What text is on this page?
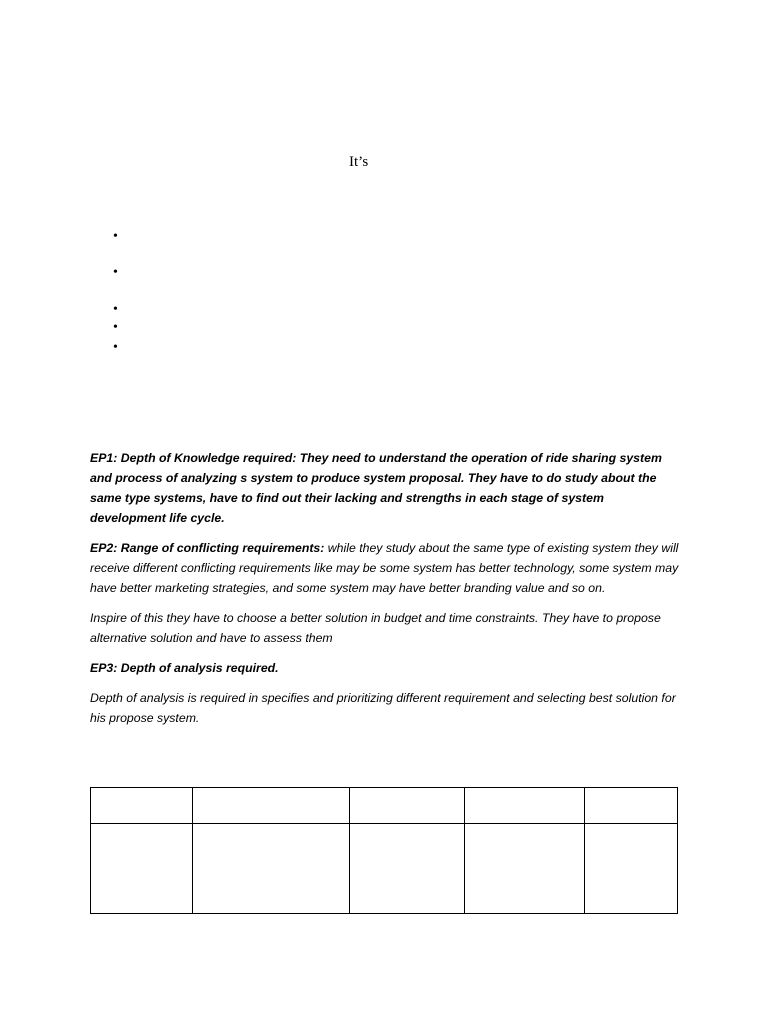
It’s
•
•
•
•
•

EP1: Depth of Knowledge required: They need to understand the operation of ride sharing system and process of analyzing s system to produce system proposal. They have to do study about the same type systems, have to find out their lacking and strengths in each stage of system development life cycle.

EP2: Range of conflicting requirements: while they study about the same type of existing system they will receive different conflicting requirements like may be some system has better technology, some system may have better marketing strategies, and some system may have better branding value and so on.

Inspire of this they have to choose a better solution in budget and time constraints. They have to propose alternative solution and have to assess them

EP3: Depth of analysis required.

Depth of analysis is required in specifies and prioritizing different requirement and selecting best solution for his propose system.
